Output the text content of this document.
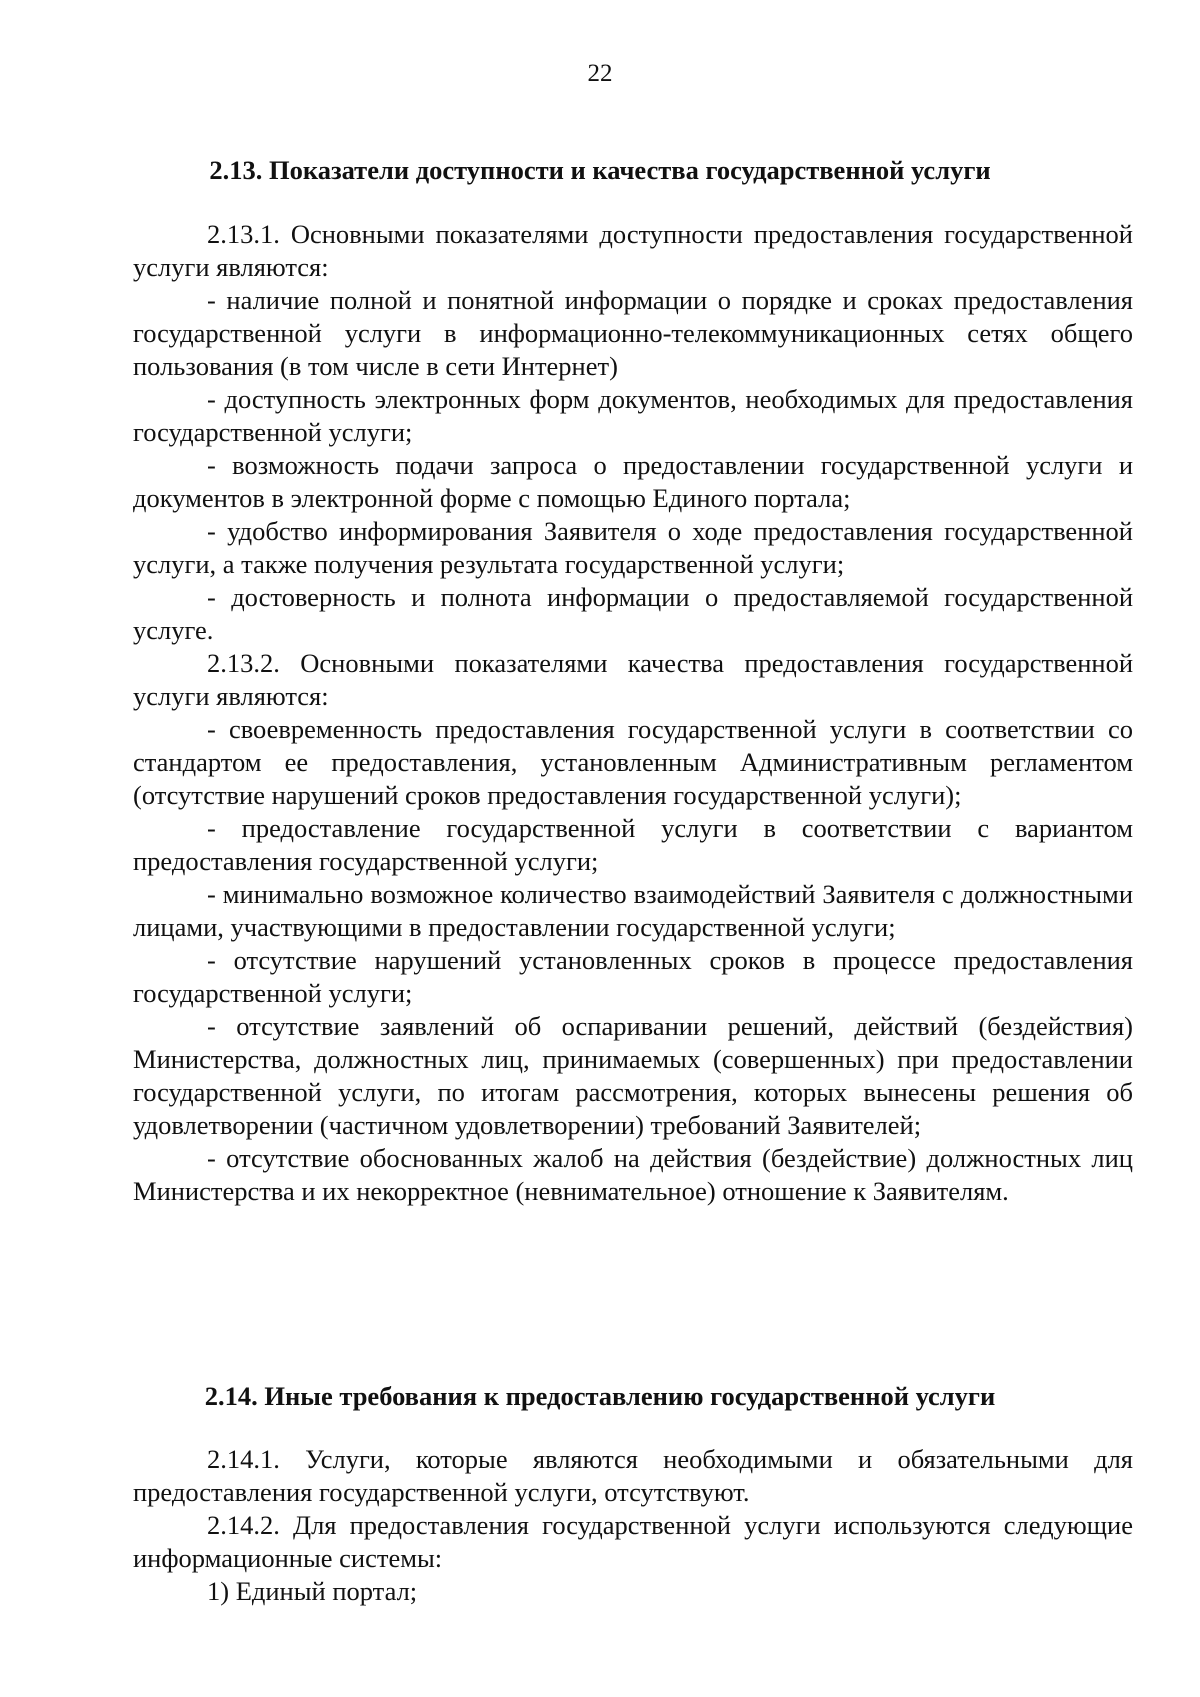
22
2.13. Показатели доступности и качества государственной услуги

2.13.1. Основными показателями доступности предоставления государственной услуги являются:

- наличие полной и понятной информации о порядке и сроках предоставления государственной услуги в информационно-телекоммуникационных сетях общего пользования (в том числе в сети Интернет)

- доступность электронных форм документов, необходимых для предоставления государственной услуги;

- возможность подачи запроса о предоставлении государственной услуги и документов в электронной форме с помощью Единого портала;

- удобство информирования Заявителя о ходе предоставления государственной услуги, а также получения результата государственной услуги;

- достоверность и полнота информации о предоставляемой государственной услуге.

2.13.2. Основными показателями качества предоставления государственной услуги являются:

- своевременность предоставления государственной услуги в соответствии со стандартом ее предоставления, установленным Административным регламентом (отсутствие нарушений сроков предоставления государственной услуги);

- предоставление государственной услуги в соответствии с вариантом предоставления государственной услуги;

- минимально возможное количество взаимодействий Заявителя с должностными лицами, участвующими в предоставлении государственной услуги;

- отсутствие нарушений установленных сроков в процессе предоставления государственной услуги;

- отсутствие заявлений об оспаривании решений, действий (бездействия) Министерства, должностных лиц, принимаемых (совершенных) при предоставлении государственной услуги, по итогам рассмотрения, которых вынесены решения об удовлетворении (частичном удовлетворении) требований Заявителей;

- отсутствие обоснованных жалоб на действия (бездействие) должностных лиц Министерства и их некорректное (невнимательное) отношение к Заявителям.

2.14. Иные требования к предоставлению государственной услуги

2.14.1. Услуги, которые являются необходимыми и обязательными для предоставления государственной услуги, отсутствуют.

2.14.2. Для предоставления государственной услуги используются следующие информационные системы:

1) Единый портал;
